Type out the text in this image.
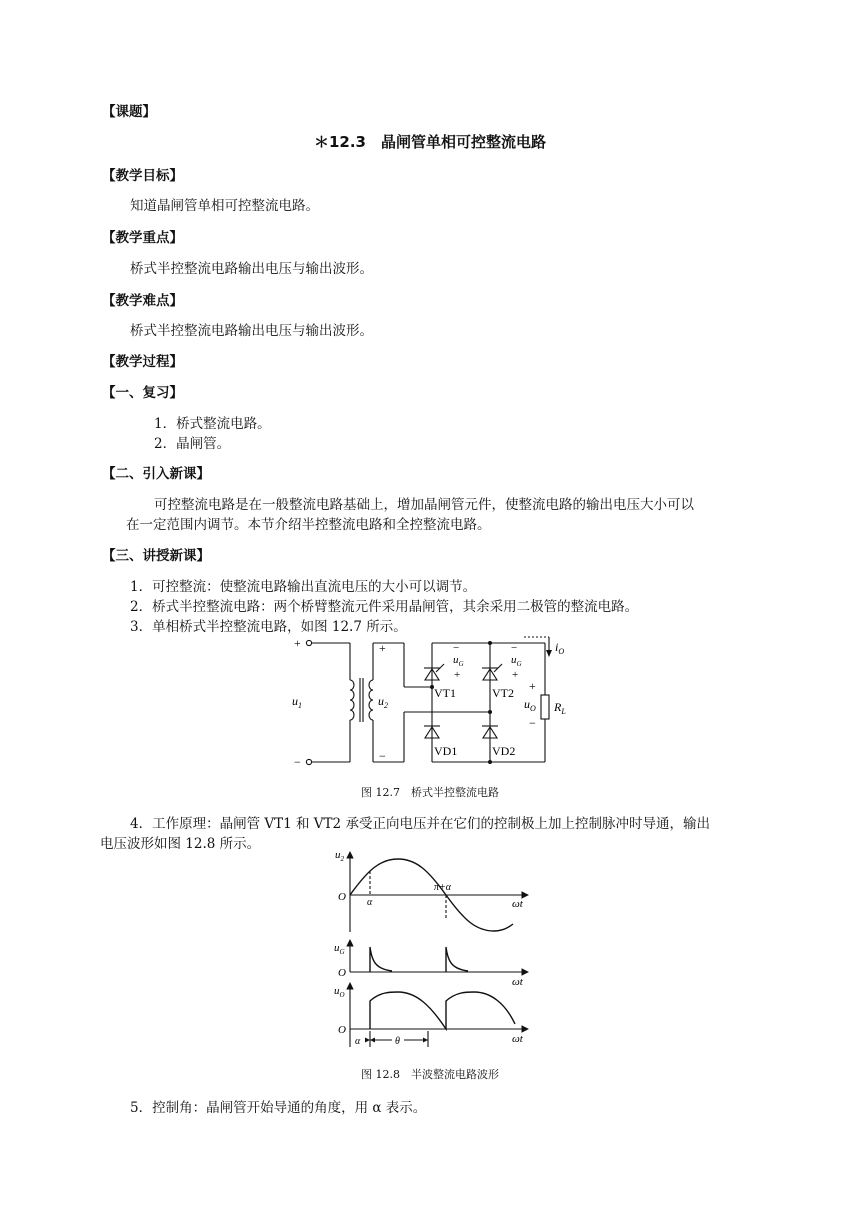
【课题】
＊12.3　晶闸管单相可控整流电路
【教学目标】
知道晶闸管单相可控整流电路。
【教学重点】
桥式半控整流电路输出电压与输出波形。
【教学难点】
桥式半控整流电路输出电压与输出波形。
【教学过程】
【一、复习】
1．桥式整流电路。
2．晶闸管。
【二、引入新课】
可控整流电路是在一般整流电路基础上，增加晶闸管元件，使整流电路的输出电压大小可以
在一定范围内调节。本节介绍半控整流电路和全控整流电路。
【三、讲授新课】
1．可控整流：使整流电路输出直流电压的大小可以调节。
2．桥式半控整流电路：两个桥臂整流元件采用晶闸管，其余采用二极管的整流电路。
3．单相桥式半控整流电路，如图 12.7 所示。
+
−
$u_1$	$u_2$
+
−
−
$u_G$
+
−
$u_G$
+
VT1	VT2
VD1	VD2
$i_O$
+
$u_O$
−
$R_L$
图 12.7　桥式半控整流电路
4．工作原理：晶闸管 VT1 和 VT2 承受正向电压并在它们的控制极上加上控制脉冲时导通，输出
电压波形如图 12.8 所示。
$u_2$
O α
π+α
ωt
$u_G$
O
ωt
$u_O$
O
ωt
α	θ
图 12.8　半波整流电路波形
5．控制角：晶闸管开始导通的角度，用 α 表示。
